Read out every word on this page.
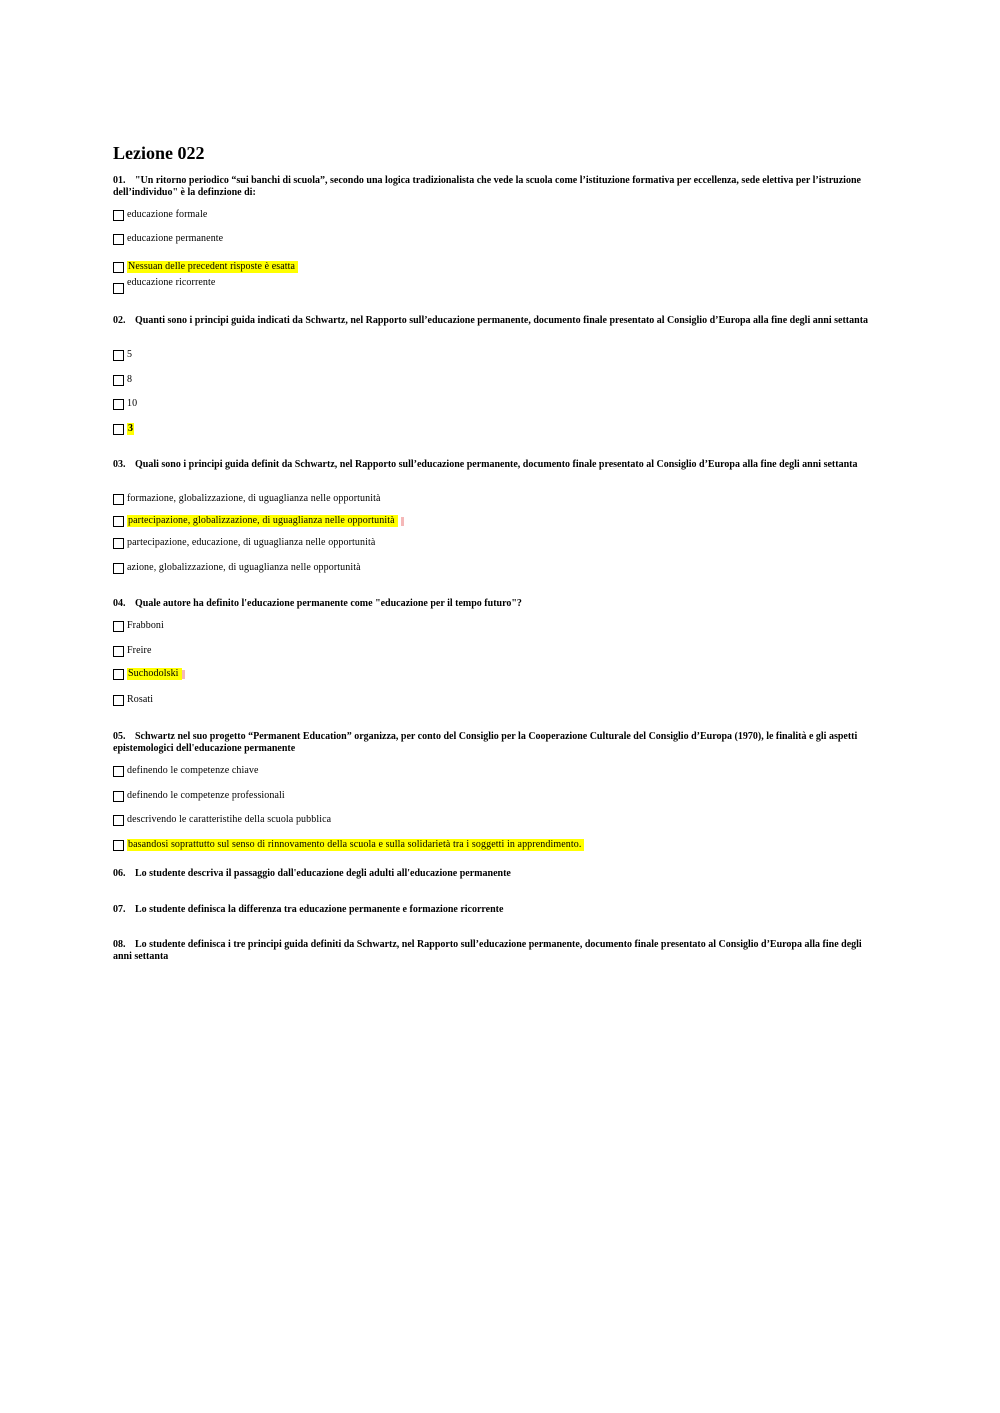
Lezione 022
01. "Un ritorno periodico “sui banchi di scuola”, secondo una logica tradizionalista che vede la scuola come l’istituzione formativa per eccellenza, sede elettiva per l’istruzione dell’individuo" è la definzione di:
educazione formale
educazione permanente
Nessuan delle precedent risposte è esatta
educazione ricorrente
02. Quanti sono i principi guida indicati da Schwartz, nel Rapporto sull’educazione permanente, documento finale presentato al Consiglio d’Europa alla fine degli anni settanta
5
8
10
3
03. Quali sono i principi guida definit da Schwartz, nel Rapporto sull’educazione permanente, documento finale presentato al Consiglio d’Europa alla fine degli anni settanta
formazione, globalizzazione, di uguaglianza nelle opportunità
partecipazione, globalizzazione, di uguaglianza nelle opportunità
partecipazione, educazione, di uguaglianza nelle opportunità
azione, globalizzazione, di uguaglianza nelle opportunità
04. Quale autore ha definito l'educazione permanente come "educazione per il tempo futuro"?
Frabboni
Freire
Suchodolski
Rosati
05. Schwartz nel suo progetto “Permanent Education” organizza, per conto del Consiglio per la Cooperazione Culturale del Consiglio d’Europa (1970), le finalità e gli aspetti epistemologici dell'educazione permanente
definendo le competenze chiave
definendo le competenze professionali
descrivendo le caratteristihe della scuola pubblica
basandosi soprattutto sul senso di rinnovamento della scuola e sulla solidarietà tra i soggetti in apprendimento.
06. Lo studente descriva il passaggio dall'educazione degli adulti all'educazione permanente
07. Lo studente definisca la differenza tra educazione permanente e formazione ricorrente
08. Lo studente definisca i tre principi guida definiti da Schwartz, nel Rapporto sull’educazione permanente, documento finale presentato al Consiglio d’Europa alla fine degli anni settanta
